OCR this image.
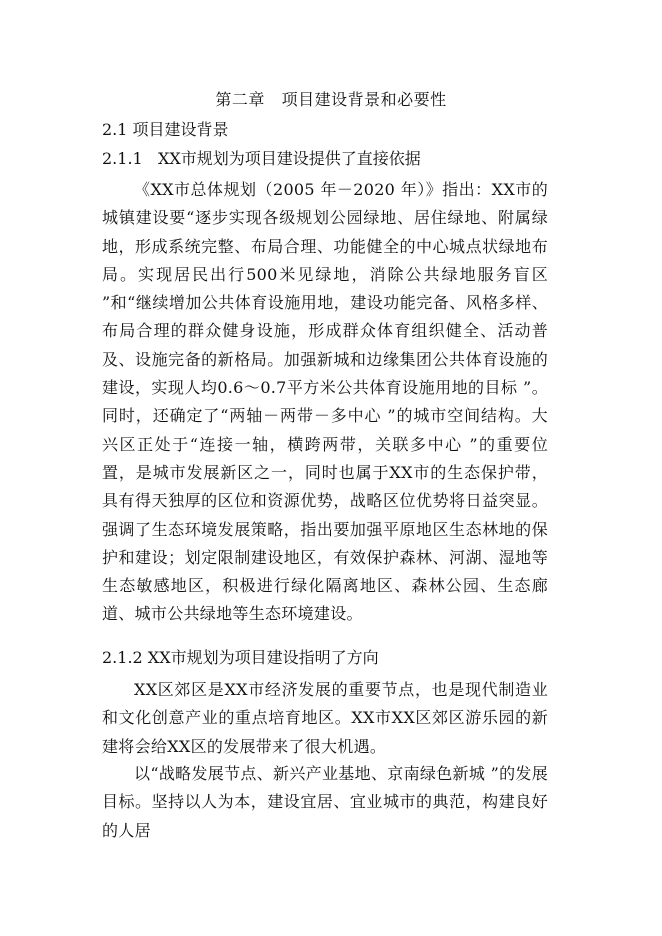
第二章   项目建设背景和必要性
2.1 项目建设背景
2.1.1   XX市规划为项目建设提供了直接依据

《XX市总体规划（2005 年－2020 年）》指出：XX市的城镇建设要“逐步实现各级规划公园绿地、居住绿地、附属绿地，形成系统完整、布局合理、功能健全的中心城点状绿地布局。实现居民出行500米见绿地，消除公共绿地服务盲区 ”和“继续增加公共体育设施用地，建设功能完备、风格多样、布局合理的群众健身设施，形成群众体育组织健全、活动普及、设施完备的新格局。加强新城和边缘集团公共体育设施的建设，实现人均0.6～0.7平方米公共体育设施用地的目标 ”。同时，还确定了“两轴－两带－多中心 ”的城市空间结构。大兴区正处于“连接一轴，横跨两带，关联多中心 ”的重要位置，是城市发展新区之一，同时也属于XX市的生态保护带，具有得天独厚的区位和资源优势，战略区位优势将日益突显。强调了生态环境发展策略，指出要加强平原地区生态林地的保护和建设；划定限制建设地区，有效保护森林、河湖、湿地等生态敏感地区，积极进行绿化隔离地区、森林公园、生态廊道、城市公共绿地等生态环境建设。

2.1.2 XX市规划为项目建设指明了方向

XX区郊区是XX市经济发展的重要节点，也是现代制造业和文化创意产业的重点培育地区。XX市XX区郊区游乐园的新建将会给XX区的发展带来了很大机遇。

以“战略发展节点、新兴产业基地、京南绿色新城 ”的发展目标。坚持以人为本，建设宜居、宜业城市的典范，构建良好的人居
